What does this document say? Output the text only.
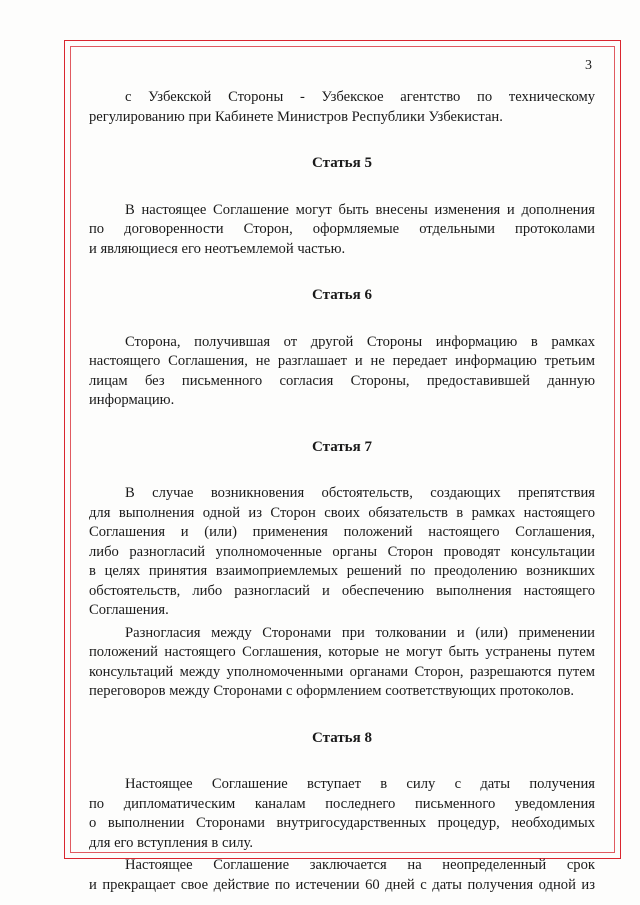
3
с Узбекской Стороны - Узбекское агентство по техническому
регулированию при Кабинете Министров Республики Узбекистан.
Статья 5
В настоящее Соглашение могут быть внесены изменения и дополнения
по договоренности Сторон, оформляемые отдельными протоколами
и являющиеся его неотъемлемой частью.
Статья 6
Сторона, получившая от другой Стороны информацию в рамках
настоящего Соглашения, не разглашает и не передает информацию третьим
лицам без письменного согласия Стороны, предоставившей данную
информацию.
Статья 7
В случае возникновения обстоятельств, создающих препятствия
для выполнения одной из Сторон своих обязательств в рамках настоящего
Соглашения и (или) применения положений настоящего Соглашения,
либо разногласий уполномоченные органы Сторон проводят консультации
в целях принятия взаимоприемлемых решений по преодолению возникших
обстоятельств, либо разногласий и обеспечению выполнения настоящего
Соглашения.
Разногласия между Сторонами при толковании и (или) применении
положений настоящего Соглашения, которые не могут быть устранены путем
консультаций между уполномоченными органами Сторон, разрешаются путем
переговоров между Сторонами с оформлением соответствующих протоколов.
Статья 8
Настоящее Соглашение вступает в силу с даты получения
по дипломатическим каналам последнего письменного уведомления
о выполнении Сторонами внутригосударственных процедур, необходимых
для его вступления в силу.
Настоящее Соглашение заключается на неопределенный срок
и прекращает свое действие по истечении 60 дней с даты получения одной из
